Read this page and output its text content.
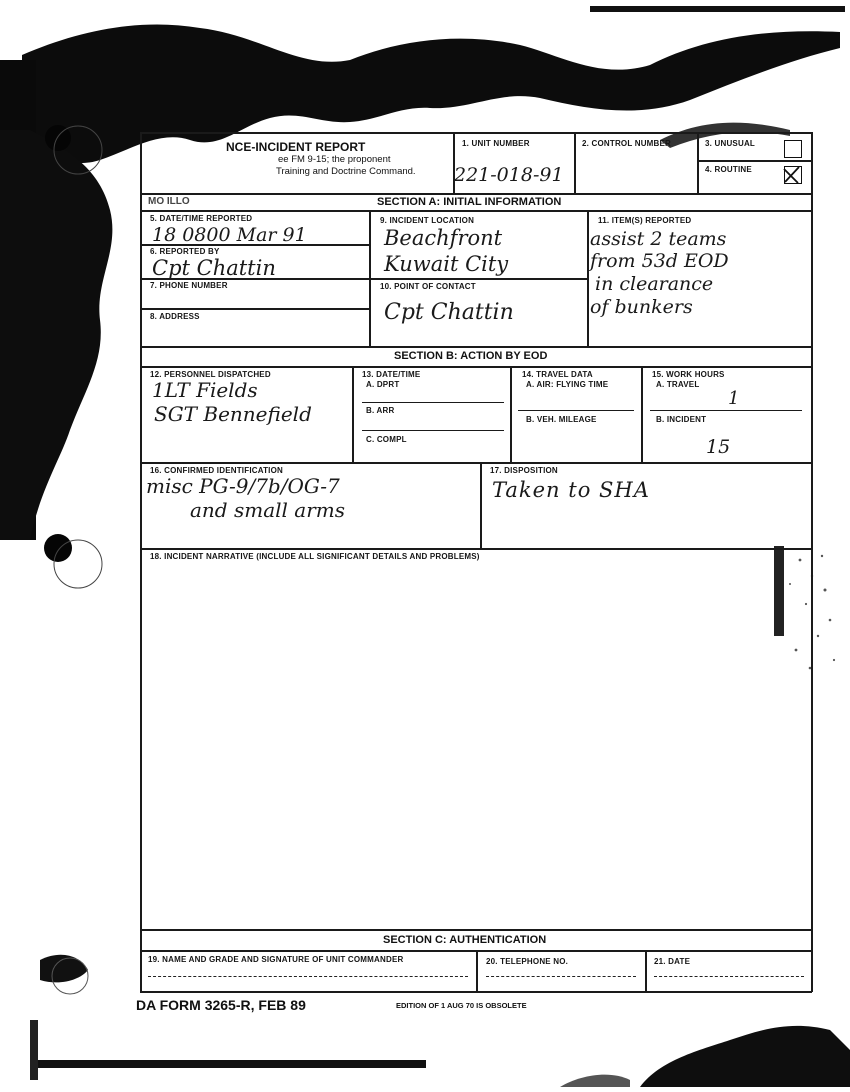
NCE-INCIDENT REPORT
ee FM 9-15; the proponent
Training and Doctrine Command.
1. UNIT NUMBER
221-018-91
2. CONTROL NUMBER	3. UNUSUAL
4. ROUTINE
MO ILLO	SECTION A: INITIAL INFORMATION
5. DATE/TIME REPORTED
18 0800 Mar 91
6. REPORTED BY
Cpt Chattin
7. PHONE NUMBER
8. ADDRESS
9. INCIDENT LOCATION
Beachfront
Kuwait City
10. POINT OF CONTACT
Cpt Chattin
11. ITEM(S) REPORTED
assist 2 teams
from 53d EOD
in clearance
of bunkers
SECTION B: ACTION BY EOD
12. PERSONNEL DISPATCHED
1LT Fields
SGT Bennefield
13. DATE/TIME
A. DPRT
B. ARR
C. COMPL
14. TRAVEL DATA
A. AIR: FLYING TIME
B. VEH. MILEAGE
15. WORK HOURS
A. TRAVEL
1
B. INCIDENT
15
16. CONFIRMED IDENTIFICATION
misc PG-9/7b/OG-7
and small arms
17. DISPOSITION
Taken to SHA
18. INCIDENT NARRATIVE (INCLUDE ALL SIGNIFICANT DETAILS AND PROBLEMS)
SECTION C: AUTHENTICATION
19. NAME AND GRADE AND SIGNATURE OF UNIT COMMANDER	20. TELEPHONE NO.	21. DATE
DA FORM 3265-R, FEB 89	EDITION OF 1 AUG 70 IS OBSOLETE
